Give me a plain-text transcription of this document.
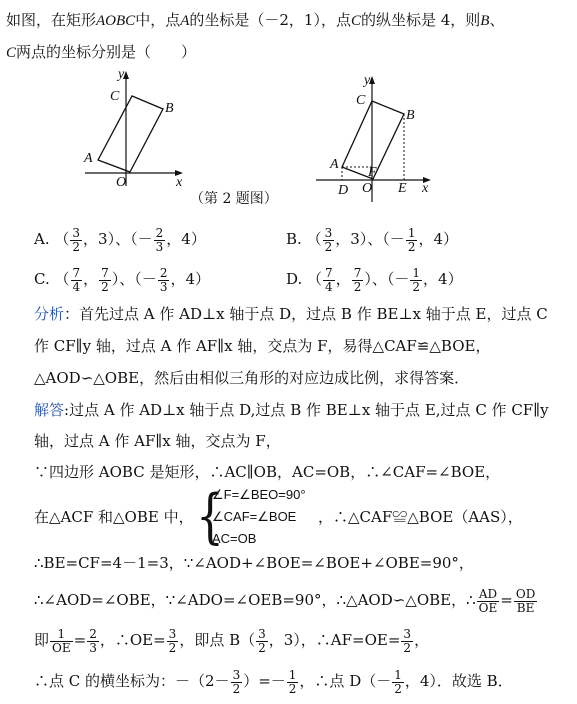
如图，在矩形AOBC中，点A的坐标是（－2，1），点C的纵坐标是 4，则B、
C两点的坐标分别是（　　）
y
C
B
A
O	x
y
C
B
A
F
D O E x
（第 2 题图）
A. （ $\frac{3}{2}$ ，3）、（－ $\frac{2}{3}$ ，4）	B. （ $\frac{3}{2}$ ，3）、（－ $\frac{1}{2}$ ，4）
C. （ $\frac{7}{4}$ ， $\frac{7}{2}$ ）、（－ $\frac{2}{3}$ ，4）	D. （ $\frac{7}{4}$ ， $\frac{7}{2}$ ）、（－ $\frac{1}{2}$ ，4）
分析：首先过点 A 作 AD⊥x 轴于点 D，过点 B 作 BE⊥x 轴于点 E，过点 C
作 CF∥y 轴，过点 A 作 AF∥x 轴，交点为 F，易得△CAF≌△BOE，
△AOD∽△OBE，然后由相似三角形的对应边成比例，求得答案．
解答:过点 A 作 AD⊥x 轴于点 D,过点 B 作 BE⊥x 轴于点 E,过点 C 作 CF∥y
轴，过点 A 作 AF∥x 轴，交点为 F，
∵四边形 AOBC 是矩形，∴AC∥OB，AC=OB，∴∠CAF=∠BOE，
在△ACF 和△OBE 中， {
∠F=∠BEO=90°
∠CAF=∠BOE
AC=OB
，∴△CAF≌△BOE（AAS），
∴BE=CF=4－1=3，∵∠AOD+∠BOE=∠BOE+∠OBE=90°，
∴∠AOD=∠OBE，∵∠ADO=∠OEB=90°，∴△AOD∽△OBE，∴ $\frac{AD}{OE} = \frac{OD}{BE}$
即 $\frac{1}{OE} = \frac{2}{3}$ ，∴OE= $\frac{3}{2}$ ，即点 $B( \frac{3}{2}$ ，3），∴AF=OE= $\frac{3}{2}$ ，
∴点 C 的横坐标为：$-(2- \frac{3}{2}$ ）=－ $\frac{1}{2}$ ，∴点 $D(- \frac{1}{2}$ ，4）．故选 B．
